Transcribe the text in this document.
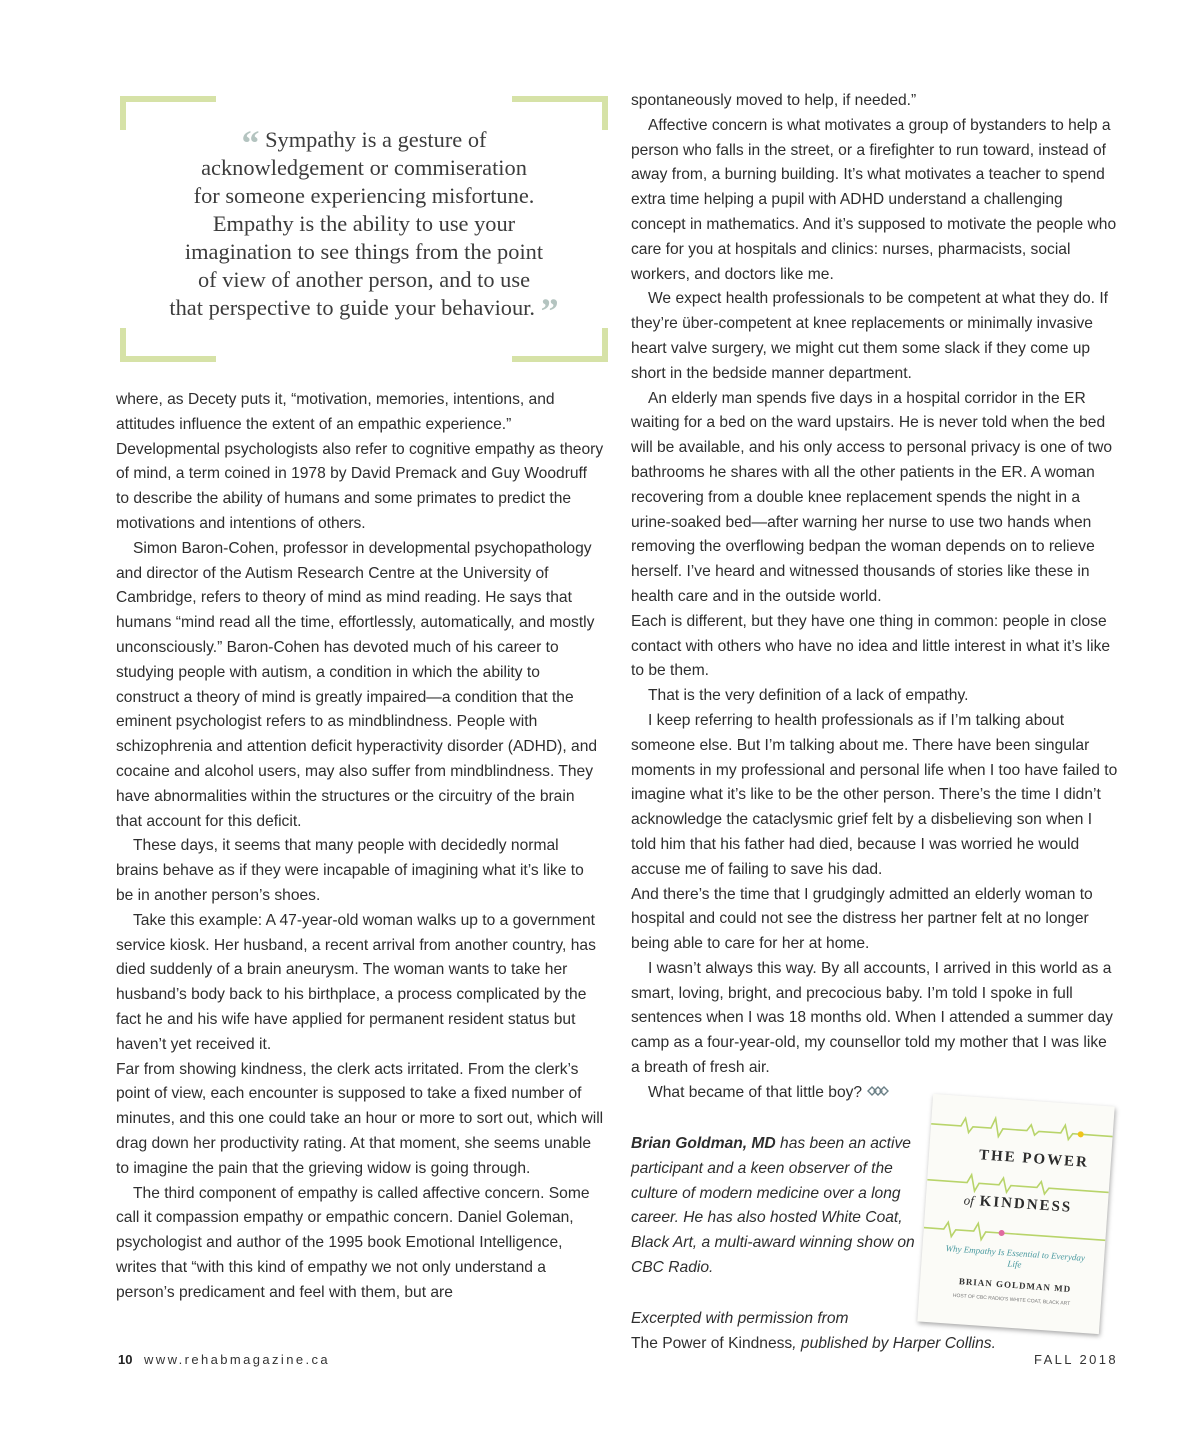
“ Sympathy is a gesture of
acknowledgement or commiseration
for someone experiencing misfortune.
Empathy is the ability to use your
imagination to see things from the point
of view of another person, and to use
that perspective to guide your behaviour. ”

where, as Decety puts it, “motivation, memories, intentions, and attitudes influence the extent of an empathic experience.” Developmental psychologists also refer to cognitive empathy as theory of mind, a term coined in 1978 by David Premack and Guy Woodruff to describe the ability of humans and some primates to predict the motivations and intentions of others.

Simon Baron-Cohen, professor in developmental psychopathology and director of the Autism Research Centre at the University of Cambridge, refers to theory of mind as mind reading. He says that humans “mind read all the time, effortlessly, automatically, and mostly unconsciously.” Baron-Cohen has devoted much of his career to studying people with autism, a condition in which the ability to construct a theory of mind is greatly impaired—a condition that the eminent psychologist refers to as mindblindness. People with schizophrenia and attention deficit hyperactivity disorder (ADHD), and cocaine and alcohol users, may also suffer from mindblindness. They have abnormalities within the structures or the circuitry of the brain that account for this deficit.

These days, it seems that many people with decidedly normal brains behave as if they were incapable of imagining what it’s like to be in another person’s shoes.

Take this example: A 47-year-old woman walks up to a government service kiosk. Her husband, a recent arrival from another country, has died suddenly of a brain aneurysm. The woman wants to take her husband’s body back to his birthplace, a process complicated by the fact he and his wife have applied for permanent resident status but haven’t yet received it.

Far from showing kindness, the clerk acts irritated. From the clerk’s point of view, each encounter is supposed to take a fixed number of minutes, and this one could take an hour or more to sort out, which will drag down her productivity rating. At that moment, she seems unable to imagine the pain that the grieving widow is going through.

The third component of empathy is called affective concern. Some call it compassion empathy or empathic concern. Daniel Goleman, psychologist and author of the 1995 book Emotional Intelligence, writes that “with this kind of empathy we not only understand a person’s predicament and feel with them, but are

spontaneously moved to help, if needed.”

Affective concern is what motivates a group of bystanders to help a person who falls in the street, or a firefighter to run toward, instead of away from, a burning building. It’s what motivates a teacher to spend extra time helping a pupil with ADHD understand a challenging concept in mathematics. And it’s supposed to motivate the people who care for you at hospitals and clinics: nurses, pharmacists, social workers, and doctors like me.

We expect health professionals to be competent at what they do. If they’re über-competent at knee replacements or minimally invasive heart valve surgery, we might cut them some slack if they come up short in the bedside manner department.

An elderly man spends five days in a hospital corridor in the ER waiting for a bed on the ward upstairs. He is never told when the bed will be available, and his only access to personal privacy is one of two bathrooms he shares with all the other patients in the ER. A woman recovering from a double knee replacement spends the night in a urine-soaked bed—after warning her nurse to use two hands when removing the overflowing bedpan the woman depends on to relieve herself. I’ve heard and witnessed thousands of stories like these in health care and in the outside world.

Each is different, but they have one thing in common: people in close contact with others who have no idea and little interest in what it’s like to be them.

That is the very definition of a lack of empathy.

I keep referring to health professionals as if I’m talking about someone else. But I’m talking about me. There have been singular moments in my professional and personal life when I too have failed to imagine what it’s like to be the other person. There’s the time I didn’t acknowledge the cataclysmic grief felt by a disbelieving son when I told him that his father had died, because I was worried he would accuse me of failing to save his dad.

And there’s the time that I grudgingly admitted an elderly woman to hospital and could not see the distress her partner felt at no longer being able to care for her at home.

I wasn’t always this way. By all accounts, I arrived in this world as a smart, loving, bright, and precocious baby. I’m told I spoke in full sentences when I was 18 months old. When I attended a summer day camp as a four-year-old, my counsellor told my mother that I was like a breath of fresh air.

What became of that little boy?

Brian Goldman, MD has been an active participant and a keen observer of the culture of modern medicine over a long career. He has also hosted White Coat, Black Art, a multi-award winning show on CBC Radio.
Excerpted with permission from
The Power of Kindness, published by Harper Collins.
THE POWER
of KINDNESS
Why Empathy Is Essential to Everyday Life
BRIAN GOLDMAN MD
HOST OF CBC RADIO'S WHITE COAT, BLACK ART
10 www.rehabmagazine.ca	FALL 2018
